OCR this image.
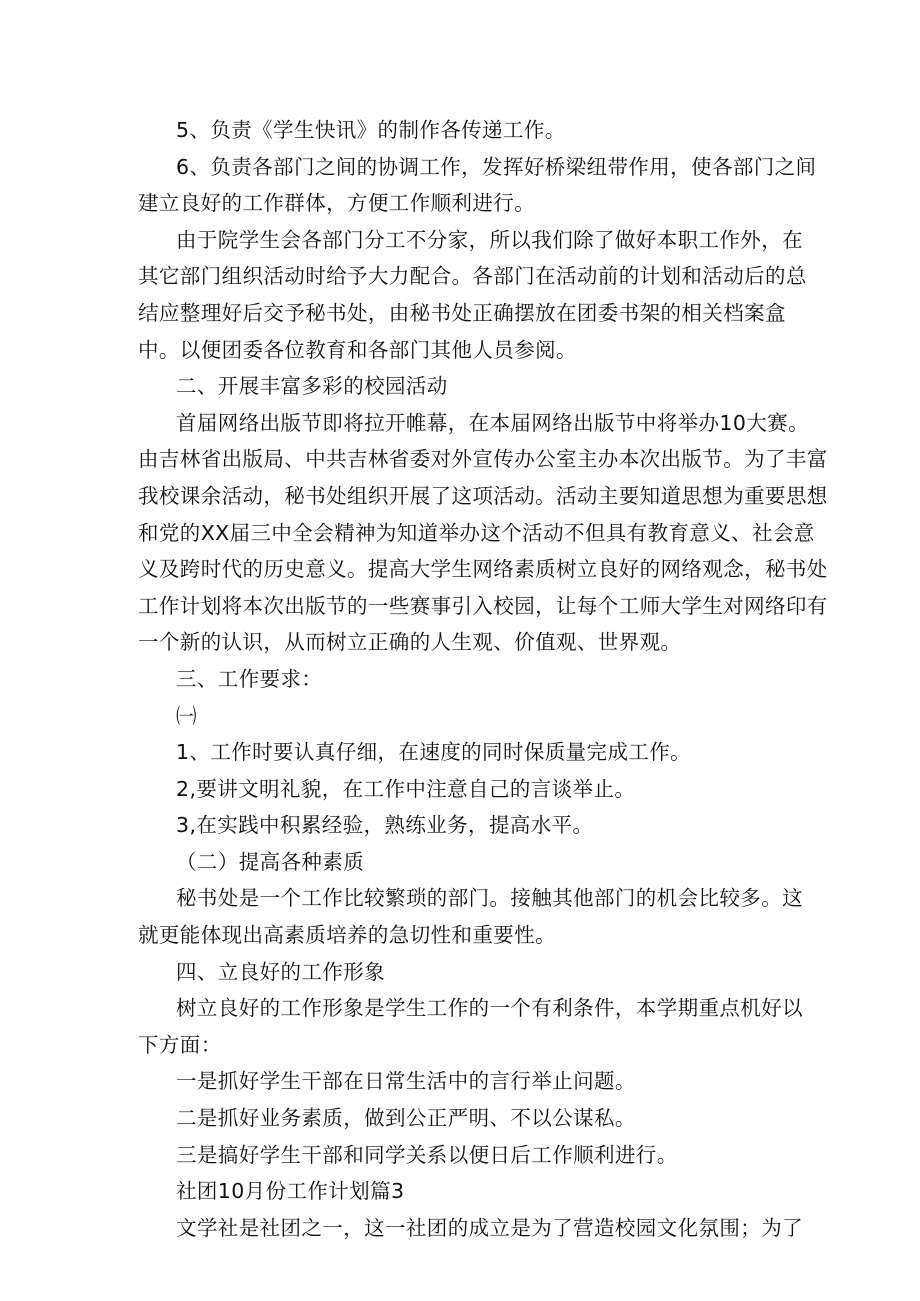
5、负责《学生快讯》的制作各传递工作。
6、负责各部门之间的协调工作，发挥好桥梁纽带作用，使各部门之间
建立良好的工作群体，方便工作顺利进行。
由于院学生会各部门分工不分家，所以我们除了做好本职工作外，在
其它部门组织活动时给予大力配合。各部门在活动前的计划和活动后的总
结应整理好后交予秘书处，由秘书处正确摆放在团委书架的相关档案盒
中。以便团委各位教育和各部门其他人员参阅。
二、开展丰富多彩的校园活动
首届网络出版节即将拉开帷幕，在本届网络出版节中将举办10大赛。
由吉林省出版局、中共吉林省委对外宣传办公室主办本次出版节。为了丰富
我校课余活动，秘书处组织开展了这项活动。活动主要知道思想为重要思想
和党的XX届三中全会精神为知道举办这个活动不但具有教育意义、社会意
义及跨时代的历史意义。提高大学生网络素质树立良好的网络观念，秘书处
工作计划将本次出版节的一些赛事引入校园，让每个工师大学生对网络印有
一个新的认识，从而树立正确的人生观、价值观、世界观。
三、工作要求：
㈠
1、工作时要认真仔细，在速度的同时保质量完成工作。
2,要讲文明礼貌，在工作中注意自己的言谈举止。
3,在实践中积累经验，熟练业务，提高水平。
（二）提高各种素质
秘书处是一个工作比较繁琐的部门。接触其他部门的机会比较多。这
就更能体现出高素质培养的急切性和重要性。
四、立良好的工作形象
树立良好的工作形象是学生工作的一个有利条件，本学期重点机好以
下方面：
一是抓好学生干部在日常生活中的言行举止问题。
二是抓好业务素质，做到公正严明、不以公谋私。
三是搞好学生干部和同学关系以便日后工作顺利进行。
社团10月份工作计划篇3
文学社是社团之一，这一社团的成立是为了营造校园文化氛围；为了
